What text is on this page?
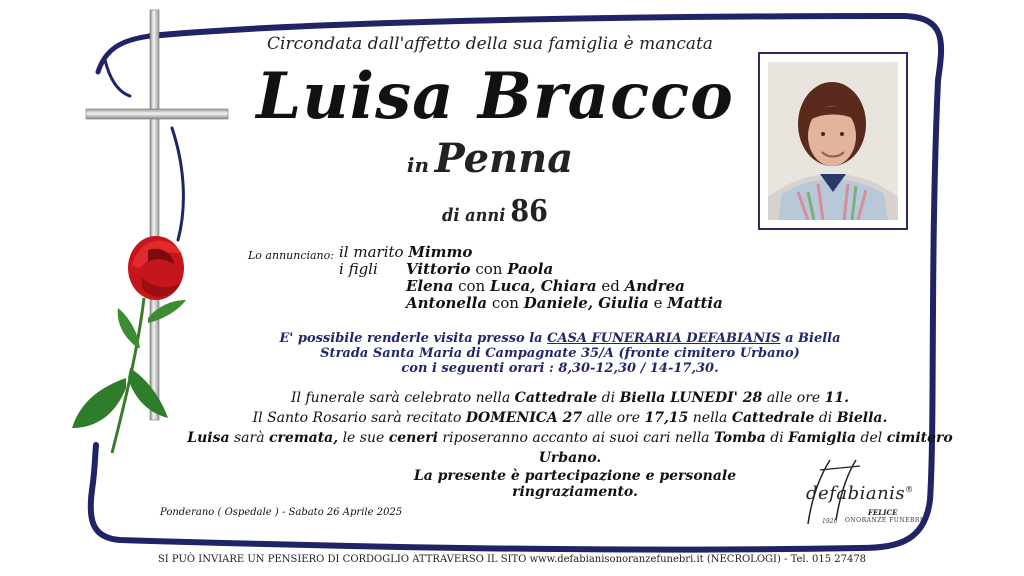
Circondata dall'affetto della sua famiglia è mancata
Luisa Bracco
in Penna
di anni 86
Lo annunciano: il marito Mimmo
i figli Vittorio con Paola
Elena con Luca, Chiara ed Andrea
Antonella con Daniele, Giulia e Mattia
E' possibile renderle visita presso la CASA FUNERARIA DEFABIANIS a Biella
Strada Santa Maria di Campagnate 35/A (fronte cimitero Urbano)
con i seguenti orari : 8,30-12,30 / 14-17,30.
Il funerale sarà celebrato nella Cattedrale di Biella LUNEDI' 28 alle ore 11.
Il Santo Rosario sarà recitato DOMENICA 27 alle ore 17,15 nella Cattedrale di Biella.
Luisa sarà cremata, le sue ceneri riposeranno accanto ai suoi cari nella Tomba di Famiglia del cimitero Urbano.
La presente è partecipazione e personale ringraziamento.
Ponderano ( Ospedale ) - Sabato 26 Aprile 2025
defabianis®
FELICE
ONORANZE FUNEBRI
1926
SI PUÒ INVIARE UN PENSIERO DI CORDOGLIO ATTRAVERSO IL SITO www.defabianisonoranzefunebri.it (NECROLOGI) - Tel. 015 27478
